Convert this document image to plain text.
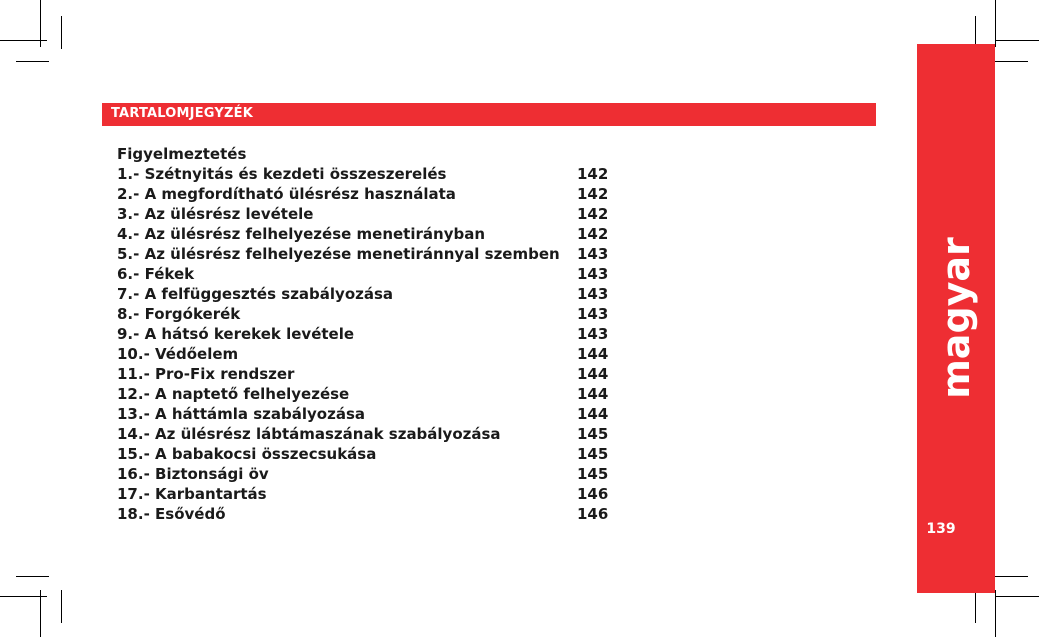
TARTALOMJEGYZÉK
magyar
139
Figyelmeztetés
1.- Szétnyitás és kezdeti összeszerelés	142
2.- A megfordítható ülésrész használata	142
3.- Az ülésrész levétele	142
4.- Az ülésrész felhelyezése menetirányban	142
5.- Az ülésrész felhelyezése menetiránnyal szemben 143
6.- Fékek	143
7.- A felfüggesztés szabályozása	143
8.- Forgókerék	143
9.- A hátsó kerekek levétele	143
10.- Védőelem	144
11.- Pro-Fix rendszer	144
12.- A naptető felhelyezése	144
13.- A háttámla szabályozása	144
14.- Az ülésrész lábtámaszának szabályozása	145
15.- A babakocsi összecsukása	145
16.- Biztonsági öv	145
17.- Karbantartás	146
18.- Esővédő	146
